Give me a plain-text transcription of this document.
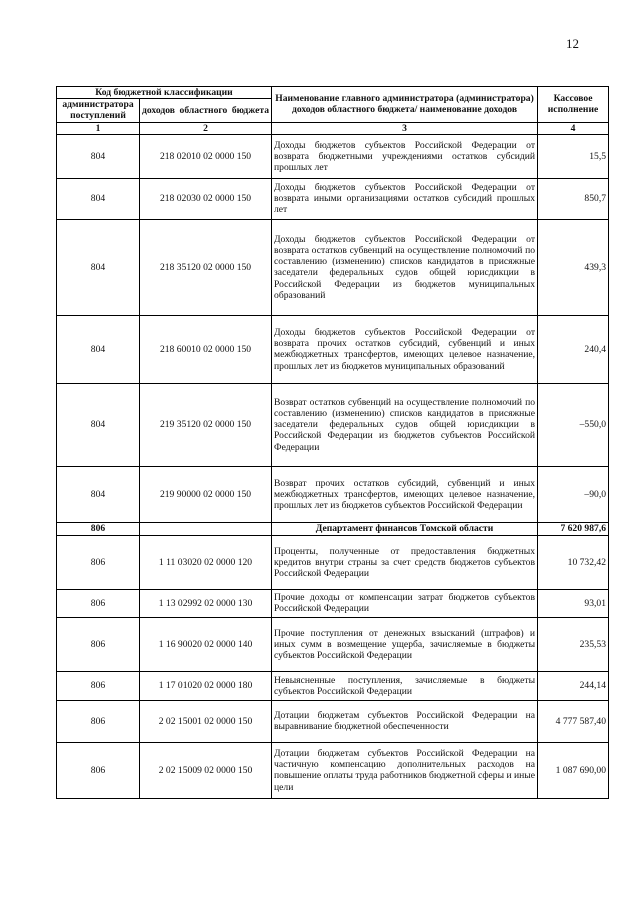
12
Код бюджетной классификации		Наименование главного администратора (администратора) доходов областного бюджета/ наименование доходов	Кассовое исполнение
администратора поступлений	доходов областного бюджета		
1	2	3	4
804	218 02010 02 0000 150	Доходы бюджетов субъектов Российской Федерации от возврата бюджетными учреждениями остатков субсидий прошлых лет	15,5
804	218 02030 02 0000 150	Доходы бюджетов субъектов Российской Федерации от возврата иными организациями остатков субсидий прошлых лет	850,7
804	218 35120 02 0000 150	Доходы бюджетов субъектов Российской Федерации от возврата остатков субвенций на осуществление полномочий по составлению (изменению) списков кандидатов в присяжные заседатели федеральных судов общей юрисдикции в Российской Федерации из бюджетов муниципальных образований	439,3
804	218 60010 02 0000 150	Доходы бюджетов субъектов Российской Федерации от возврата прочих остатков субсидий, субвенций и иных межбюджетных трансфертов, имеющих целевое назначение, прошлых лет из бюджетов муниципальных образований	240,4
804	219 35120 02 0000 150	Возврат остатков субвенций на осуществление полномочий по составлению (изменению) списков кандидатов в присяжные заседатели федеральных судов общей юрисдикции в Российской Федерации из бюджетов субъектов Российской Федерации	–550,0
804	219 90000 02 0000 150	Возврат прочих остатков субсидий, субвенций и иных межбюджетных трансфертов, имеющих целевое назначение, прошлых лет из бюджетов субъектов Российской Федерации	–90,0
806		Департамент финансов Томской области	7 620 987,6
806	1 11 03020 02 0000 120	Проценты, полученные от предоставления бюджетных кредитов внутри страны за счет средств бюджетов субъектов Российской Федерации	10 732,42
806	1 13 02992 02 0000 130	Прочие доходы от компенсации затрат бюджетов субъектов Российской Федерации	93,01
806	1 16 90020 02 0000 140	Прочие поступления от денежных взысканий (штрафов) и иных сумм в возмещение ущерба, зачисляемые в бюджеты субъектов Российской Федерации	235,53
806	1 17 01020 02 0000 180	Невыясненные поступления, зачисляемые в бюджеты субъектов Российской Федерации	244,14
806	2 02 15001 02 0000 150	Дотации бюджетам субъектов Российской Федерации на выравнивание бюджетной обеспеченности	4 777 587,40
806	2 02 15009 02 0000 150	Дотации бюджетам субъектов Российской Федерации на частичную компенсацию дополнительных расходов на повышение оплаты труда работников бюджетной сферы и иные цели	1 087 690,00
